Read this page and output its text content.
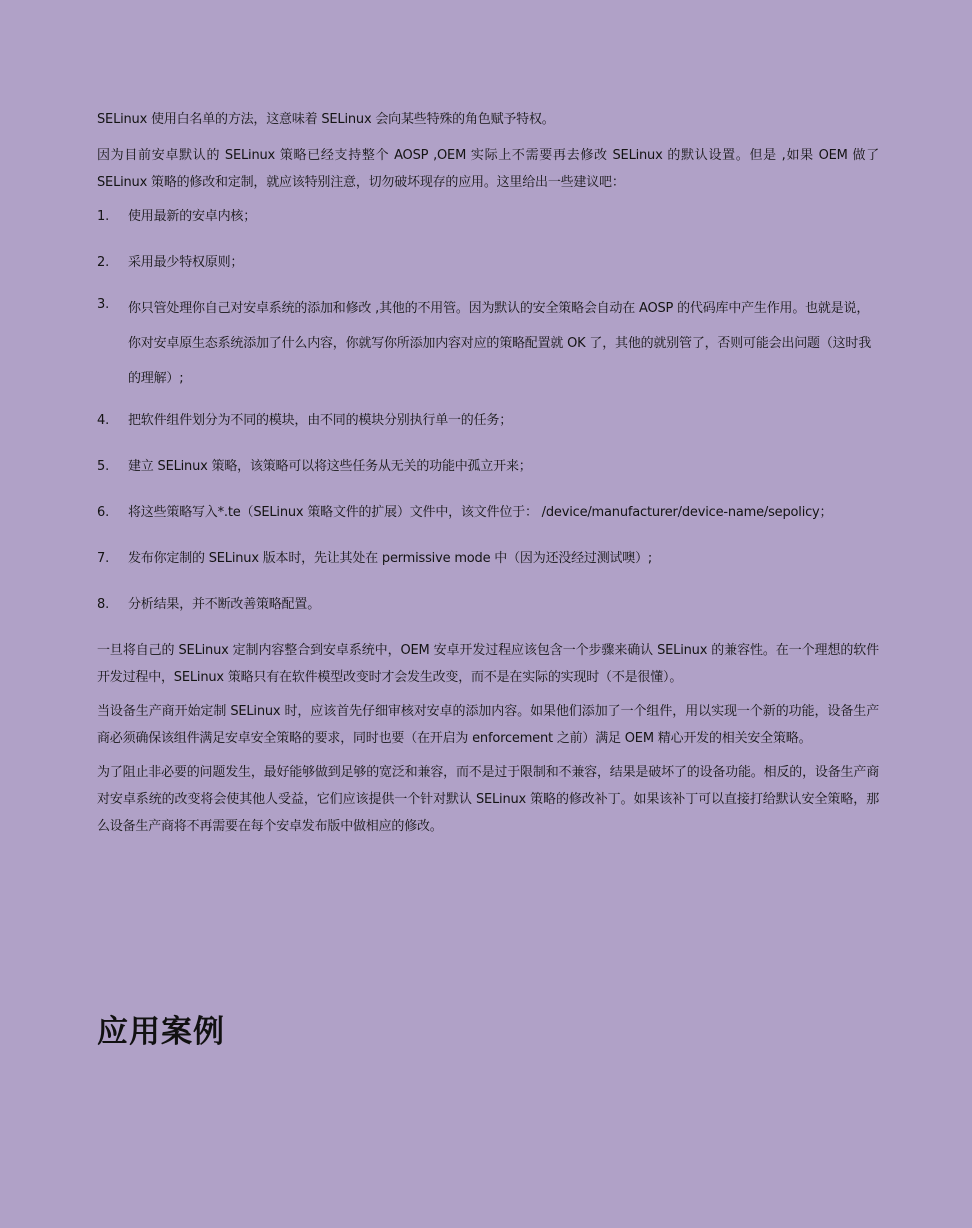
SELinux 使用白名单的方法，这意味着 SELinux 会向某些特殊的角色赋予特权。

因为目前安卓默认的 SELinux 策略已经支持整个 AOSP ,OEM 实际上不需要再去修改 SELinux 的默认设置。但是 ,如果 OEM 做了 SELinux 策略的修改和定制，就应该特别注意，切勿破坏现存的应用。这里给出一些建议吧：

1.	使用最新的安卓内核；
2.	采用最少特权原则；
3.	你只管处理你自己对安卓系统的添加和修改 ,其他的不用管。因为默认的安全策略会自动在 AOSP 的代码库中产生作用。也就是说，你对安卓原生态系统添加了什么内容，你就写你所添加内容对应的策略配置就 OK 了，其他的就别管了，否则可能会出问题（这时我的理解）;
4.	把软件组件划分为不同的模块，由不同的模块分别执行单一的任务；
5.	建立 SELinux 策略，该策略可以将这些任务从无关的功能中孤立开来；
6.	将这些策略写入*.te（SELinux 策略文件的扩展）文件中，该文件位于： /device/manufacturer/device-name/sepolicy；
7.	发布你定制的 SELinux 版本时，先让其处在 permissive mode 中（因为还没经过测试噢）;
8.	分析结果，并不断改善策略配置。

一旦将自己的 SELinux 定制内容整合到安卓系统中，OEM 安卓开发过程应该包含一个步骤来确认 SELinux 的兼容性。在一个理想的软件开发过程中，SELinux 策略只有在软件模型改变时才会发生改变，而不是在实际的实现时（不是很懂）。

当设备生产商开始定制 SELinux 时，应该首先仔细审核对安卓的添加内容。如果他们添加了一个组件，用以实现一个新的功能，设备生产商必须确保该组件满足安卓安全策略的要求，同时也要（在开启为 enforcement 之前）满足 OEM 精心开发的相关安全策略。

为了阻止非必要的问题发生，最好能够做到足够的宽泛和兼容，而不是过于限制和不兼容，结果是破坏了的设备功能。相反的，设备生产商对安卓系统的改变将会使其他人受益，它们应该提供一个针对默认 SELinux 策略的修改补丁。如果该补丁可以直接打给默认安全策略，那么设备生产商将不再需要在每个安卓发布版中做相应的修改。

应用案例
